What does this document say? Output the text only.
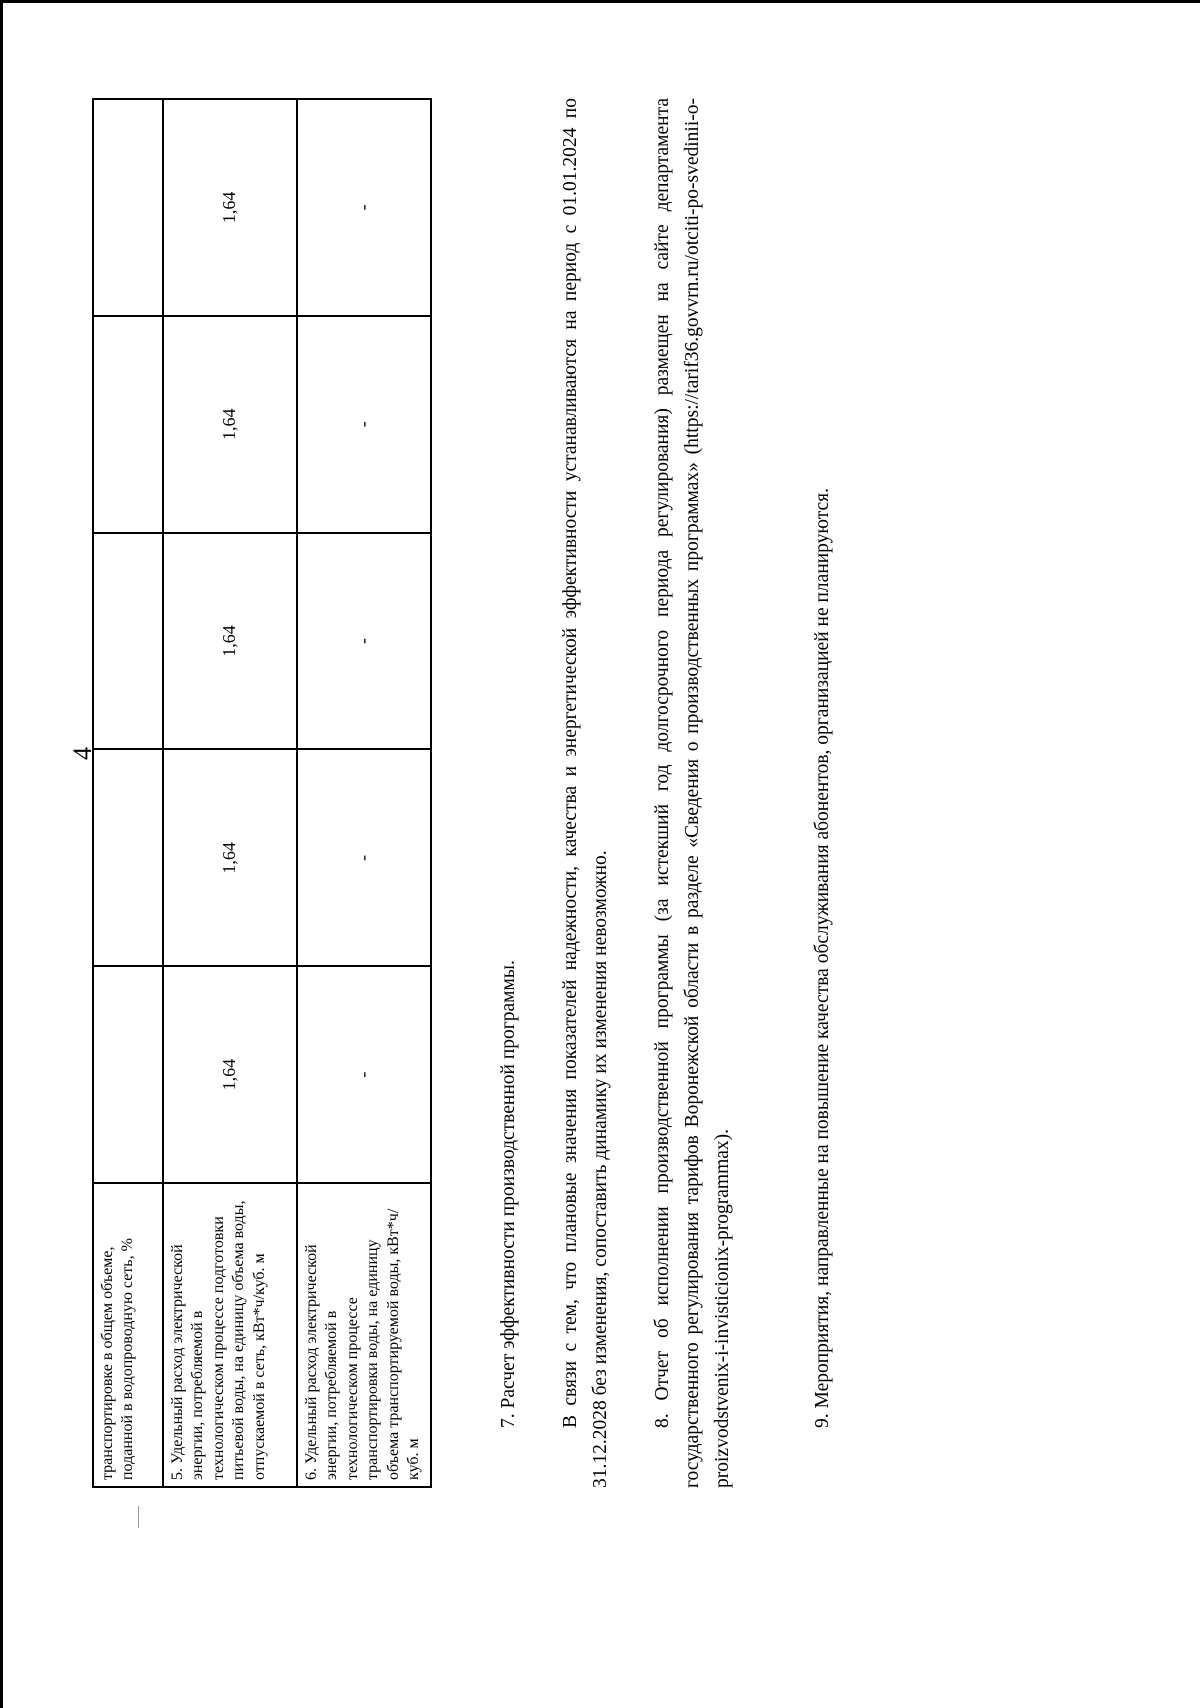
4
транспортировке в общем объеме, поданной в водопроводную сеть, %					
5. Удельный расход электрической энергии, потребляемой в технологическом процессе подготовки питьевой воды, на единицу объема воды, отпускаемой в сеть, кВт*ч/куб. м	1,64	1,64	1,64	1,64	1,64
6. Удельный расход электрической энергии, потребляемой в технологическом процессе транспортировки воды, на единицу объема транспортируемой воды, кВт*ч/куб. м	-	-	-	-	-

7. Расчет эффективности производственной программы. В связи с тем, что плановые значения показателей надежности, качества и энергетической эффективности устанавливаются на период с 01.01.2024 по 31.12.2028 без изменения, сопоставить динамику их изменения невозможно. 8. Отчет об исполнении производственной программы (за истекший год долгосрочного периода регулирования) размещен на сайте департамента государственного регулирования тарифов Воронежской области в разделе «Сведения о производственных программах» (https://tarif36.govvrn.ru/otciti-po-svedinii-o-proizvodstvenix-i-invisticionix-programmax).	9. Мероприятия, направленные на повышение качества обслуживания абонентов, организацией не планируются.
